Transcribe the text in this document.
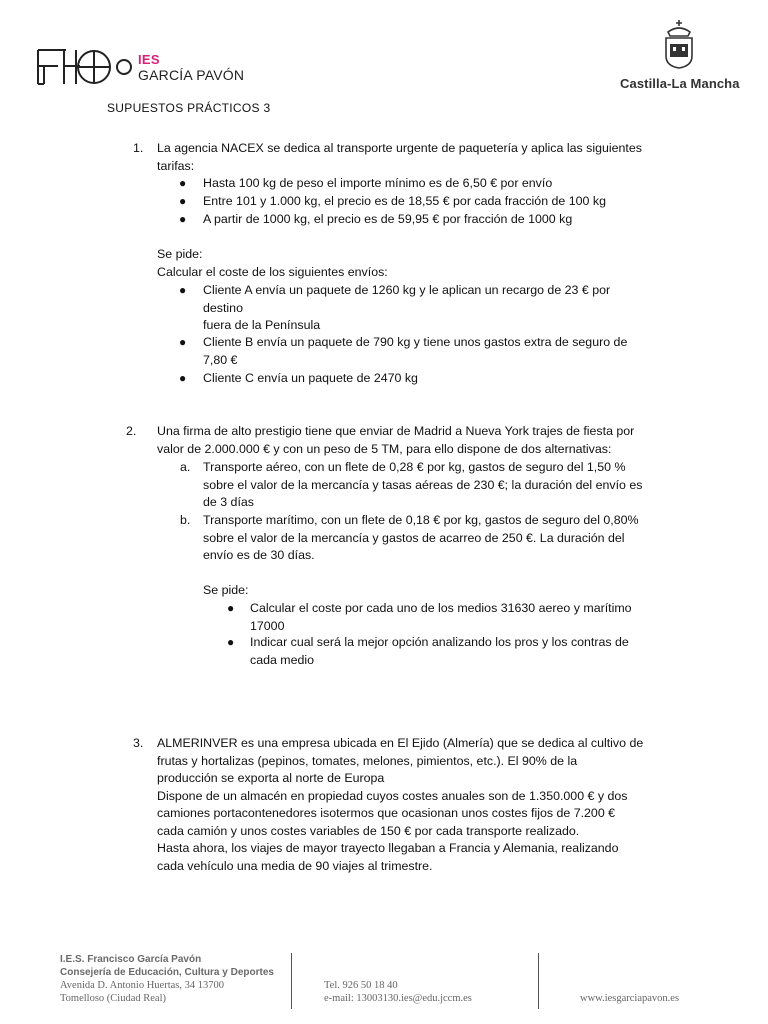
IES
GARCÍA PAVÓN
Castilla-La Mancha
SUPUESTOS PRÁCTICOS 3
1. La agencia NACEX se dedica al transporte urgente de paquetería y aplica las siguientes
tarifas:
● Hasta 100 kg de peso el importe mínimo es de 6,50 € por envío
● Entre 101 y 1.000 kg, el precio es de 18,55 € por cada fracción de 100 kg
● A partir de 1000 kg, el precio es de 59,95 € por fracción de 1000 kg
Se pide:
Calcular el coste de los siguientes envíos:
● Cliente A envía un paquete de 1260 kg y le aplican un recargo de 23 € por
destino
fuera de la Península
● Cliente B envía un paquete de 790 kg y tiene unos gastos extra de seguro de
7,80 €
● Cliente C envía un paquete de 2470 kg
2. Una firma de alto prestigio tiene que enviar de Madrid a Nueva York trajes de fiesta por
valor de 2.000.000 € y con un peso de 5 TM, para ello dispone de dos alternativas:
a. Transporte aéreo, con un flete de 0,28 € por kg, gastos de seguro del 1,50 %
sobre el valor de la mercancía y tasas aéreas de 230 €; la duración del envío es
de 3 días
b. Transporte marítimo, con un flete de 0,18 € por kg, gastos de seguro del 0,80%
sobre el valor de la mercancía y gastos de acarreo de 250 €. La duración del
envío es de 30 días.
Se pide:
● Calcular el coste por cada uno de los medios 31630 aereo y marítimo
17000
● Indicar cual será la mejor opción analizando los pros y los contras de
cada medio
3. ALMERINVER es una empresa ubicada en El Ejido (Almería) que se dedica al cultivo de
frutas y hortalizas (pepinos, tomates, melones, pimientos, etc.). El 90% de la
producción se exporta al norte de Europa
Dispone de un almacén en propiedad cuyos costes anuales son de 1.350.000 € y dos
camiones portacontenedores isotermos que ocasionan unos costes fijos de 7.200 €
cada camión y unos costes variables de 150 € por cada transporte realizado.
Hasta ahora, los viajes de mayor trayecto llegaban a Francia y Alemania, realizando
cada vehículo una media de 90 viajes al trimestre.
I.E.S. Francisco García Pavón
Consejería de Educación, Cultura y Deportes
Avenida D. Antonio Huertas, 34 13700
Tomelloso (Ciudad Real)
Tel. 926 50 18 40
e-mail: 13003130.ies@edu.jccm.es	www.iesgarciapavon.es
